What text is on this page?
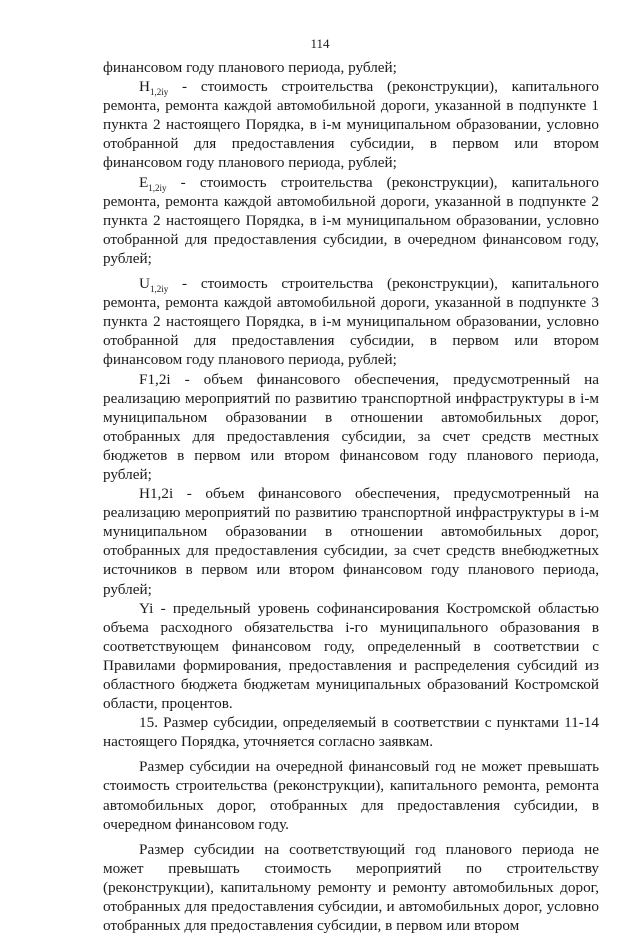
114

финансовом году планового периода, рублей;

$H_{1,2iy}$ - стоимость строительства (реконструкции), капитального ремонта, ремонта каждой автомобильной дороги, указанной в подпункте 1 пункта 2 настоящего Порядка, в i-м муниципальном образовании, условно отобранной для предоставления субсидии, в первом или втором финансовом году планового периода, рублей;

$E_{1,2iy}$ - стоимость строительства (реконструкции), капитального ремонта, ремонта каждой автомобильной дороги, указанной в подпункте 2 пункта 2 настоящего Порядка, в i-м муниципальном образовании, условно отобранной для предоставления субсидии, в очередном финансовом году, рублей;

$U_{1,2iy}$ - стоимость строительства (реконструкции), капитального ремонта, ремонта каждой автомобильной дороги, указанной в подпункте 3 пункта 2 настоящего Порядка, в i-м муниципальном образовании, условно отобранной для предоставления субсидии, в первом или втором финансовом году планового периода, рублей;

F1,2i - объем финансового обеспечения, предусмотренный на реализацию мероприятий по развитию транспортной инфраструктуры в i-м муниципальном образовании в отношении автомобильных дорог, отобранных для предоставления субсидии, за счет средств местных бюджетов в первом или втором финансовом году планового периода, рублей;

H1,2i - объем финансового обеспечения, предусмотренный на реализацию мероприятий по развитию транспортной инфраструктуры в i-м муниципальном образовании в отношении автомобильных дорог, отобранных для предоставления субсидии, за счет средств внебюджетных источников в первом или втором финансовом году планового периода, рублей;

Yi - предельный уровень софинансирования Костромской областью объема расходного обязательства i-го муниципального образования в соответствующем финансовом году, определенный в соответствии с Правилами формирования, предоставления и распределения субсидий из областного бюджета бюджетам муниципальных образований Костромской области, процентов.

15. Размер субсидии, определяемый в соответствии с пунктами 11-14 настоящего Порядка, уточняется согласно заявкам.

Размер субсидии на очередной финансовый год не может превышать стоимость строительства (реконструкции), капитального ремонта, ремонта автомобильных дорог, отобранных для предоставления субсидии, в очередном финансовом году.

Размер субсидии на соответствующий год планового периода не может превышать стоимость мероприятий по строительству (реконструкции), капитальному ремонту и ремонту автомобильных дорог, отобранных для предоставления субсидии, и автомобильных дорог, условно отобранных для предоставления субсидии, в первом или втором
